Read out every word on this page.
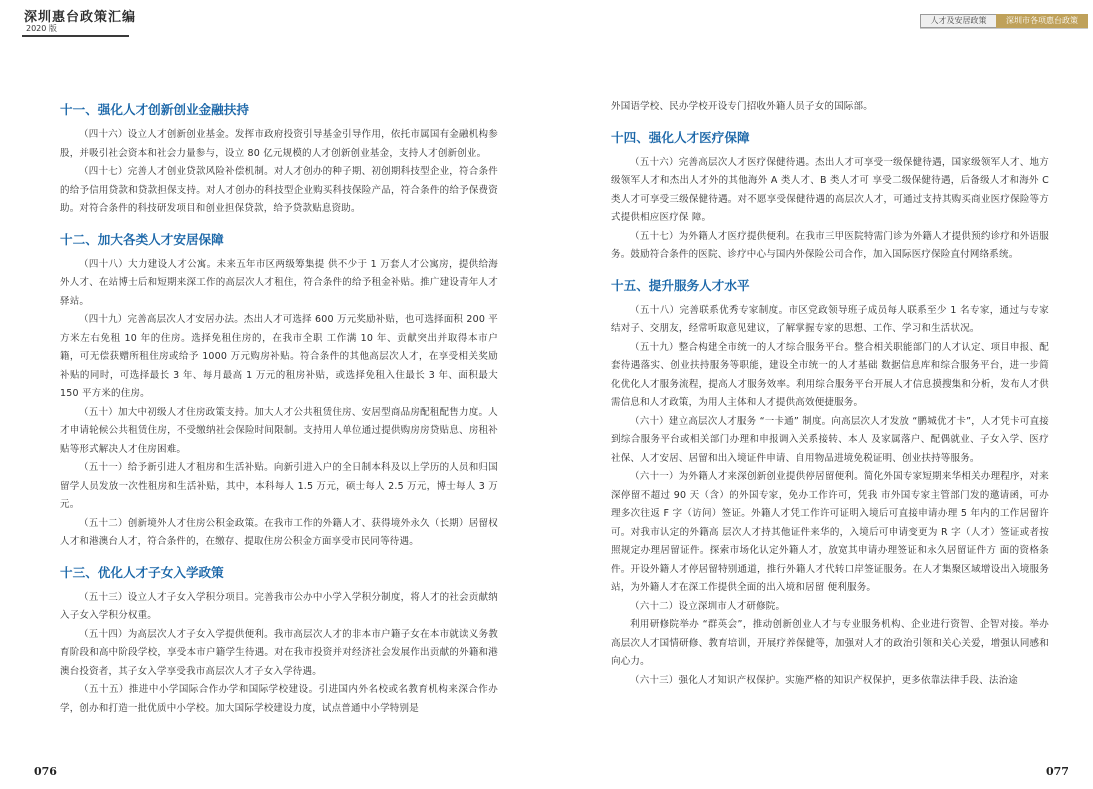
深圳惠台政策汇编
2020 版
人才及安居政策	深圳市各项惠台政策
十一、强化人才创新创业金融扶持

（四十六）设立人才创新创业基金。发挥市政府投资引导基金引导作用，依托市属国有金融机构参股，并吸引社会资本和社会力量参与，设立 80 亿元规模的人才创新创业基金，支持人才创新创业。

（四十七）完善人才创业贷款风险补偿机制。对人才创办的种子期、初创期科技型企业，符合条件的给予信用贷款和贷款担保支持。对人才创办的科技型企业购买科技保险产品，符合条件的给予保费资助。对符合条件的科技研发项目和创业担保贷款，给予贷款贴息资助。

十二、加大各类人才安居保障

（四十八）大力建设人才公寓。未来五年市区两级筹集提 供不少于 1 万套人才公寓房，提供给海外人才、在站博士后和短期来深工作的高层次人才租住，符合条件的给予租金补贴。推广建设青年人才驿站。

（四十九）完善高层次人才安居办法。杰出人才可选择 600 万元奖励补贴，也可选择面积 200 平方米左右免租 10 年的住房。选择免租住房的，在我市全职 工作满 10 年、贡献突出并取得本市户籍，可无偿获赠所租住房或给予 1000 万元购房补贴。符合条件的其他高层次人才，在享受相关奖励补贴的同时，可选择最长 3 年、每月最高 1 万元的租房补贴，或选择免租入住最长 3 年、面积最大 150 平方米的住房。

（五十）加大中初级人才住房政策支持。加大人才公共租赁住房、安居型商品房配租配售力度。人才申请轮候公共租赁住房，不受缴纳社会保险时间限制。支持用人单位通过提供购房房贷贴息、房租补贴等形式解决人才住房困难。

（五十一）给予新引进人才租房和生活补贴。向新引进入户的全日制本科及以上学历的人员和归国留学人员发放一次性租房和生活补贴，其中，本科每人 1.5 万元，硕士每人 2.5 万元，博士每人 3 万元。

（五十二）创新境外人才住房公积金政策。在我市工作的外籍人才、获得境外永久（长期）居留权人才和港澳台人才，符合条件的，在缴存、提取住房公积金方面享受市民同等待遇。

十三、优化人才子女入学政策

（五十三）设立人才子女入学积分项目。完善我市公办中小学入学积分制度，将人才的社会贡献纳入子女入学积分权重。

（五十四）为高层次人才子女入学提供便利。我市高层次人才的非本市户籍子女在本市就读义务教育阶段和高中阶段学校，享受本市户籍学生待遇。对在我市投资并对经济社会发展作出贡献的外籍和港澳台投资者，其子女入学享受我市高层次人才子女入学待遇。

（五十五）推进中小学国际合作办学和国际学校建设。引进国内外名校或名教育机构来深合作办学，创办和打造一批优质中小学校。加大国际学校建设力度，试点普通中小学特别是

外国语学校、民办学校开设专门招收外籍人员子女的国际部。

十四、强化人才医疗保障

（五十六）完善高层次人才医疗保健待遇。杰出人才可享受一级保健待遇，国家级领军人才、地方级领军人才和杰出人才外的其他海外 A 类人才、B 类人才可 享受二级保健待遇，后备级人才和海外 C 类人才可享受三级保健待遇。对不愿享受保健待遇的高层次人才，可通过支持其购买商业医疗保险等方式提供相应医疗保 障。

（五十七）为外籍人才医疗提供便利。在我市三甲医院特需门诊为外籍人才提供预约诊疗和外语服务。鼓励符合条件的医院、诊疗中心与国内外保险公司合作，加入国际医疗保险直付网络系统。

十五、提升服务人才水平

（五十八）完善联系优秀专家制度。市区党政领导班子成员每人联系至少 1 名专家，通过与专家结对子、交朋友，经常听取意见建议，了解掌握专家的思想、工作、学习和生活状况。

（五十九）整合构建全市统一的人才综合服务平台。整合相关职能部门的人才认定、项目申报、配套待遇落实、创业扶持服务等职能，建设全市统一的人才基础 数据信息库和综合服务平台，进一步简化优化人才服务流程，提高人才服务效率。利用综合服务平台开展人才信息摸搜集和分析，发布人才供需信息和人才政策，为用人主体和人才提供高效便捷服务。

（六十）建立高层次人才服务 “一卡通” 制度。向高层次人才发放 “鹏城优才卡”，人才凭卡可直接到综合服务平台或相关部门办理和申报调入关系接转、本人 及家属落户、配偶就业、子女入学、医疗社保、人才安居、居留和出入境证件申请、自用物品进境免税证明、创业扶持等服务。

（六十一）为外籍人才来深创新创业提供停居留便利。简化外国专家短期来华相关办理程序，对来深停留不超过 90 天（含）的外国专家，免办工作许可，凭我 市外国专家主管部门发的邀请函，可办理多次往返 F 字（访问）签证。外籍人才凭工作许可证明入境后可直接申请办理 5 年内的工作居留许可。对我市认定的外籍高 层次人才持其他证件来华的，入境后可申请变更为 R 字（人才）签证或者按照规定办理居留证件。探索市场化认定外籍人才，放宽其申请办理签证和永久居留证件方 面的资格条件。开设外籍人才停居留特别通道，推行外籍人才代转口岸签证服务。在人才集聚区域增设出入境服务站，为外籍人才在深工作提供全面的出入境和居留 便利服务。

（六十二）设立深圳市人才研修院。

利用研修院举办 “群英会”，推动创新创业人才与专业服务机构、企业进行资智、企智对接。举办高层次人才国情研修、教育培训，开展疗养保健等，加强对人才的政治引领和关心关爱，增强认同感和向心力。

（六十三）强化人才知识产权保护。实施严格的知识产权保护，更多依靠法律手段、法治途

076	077
